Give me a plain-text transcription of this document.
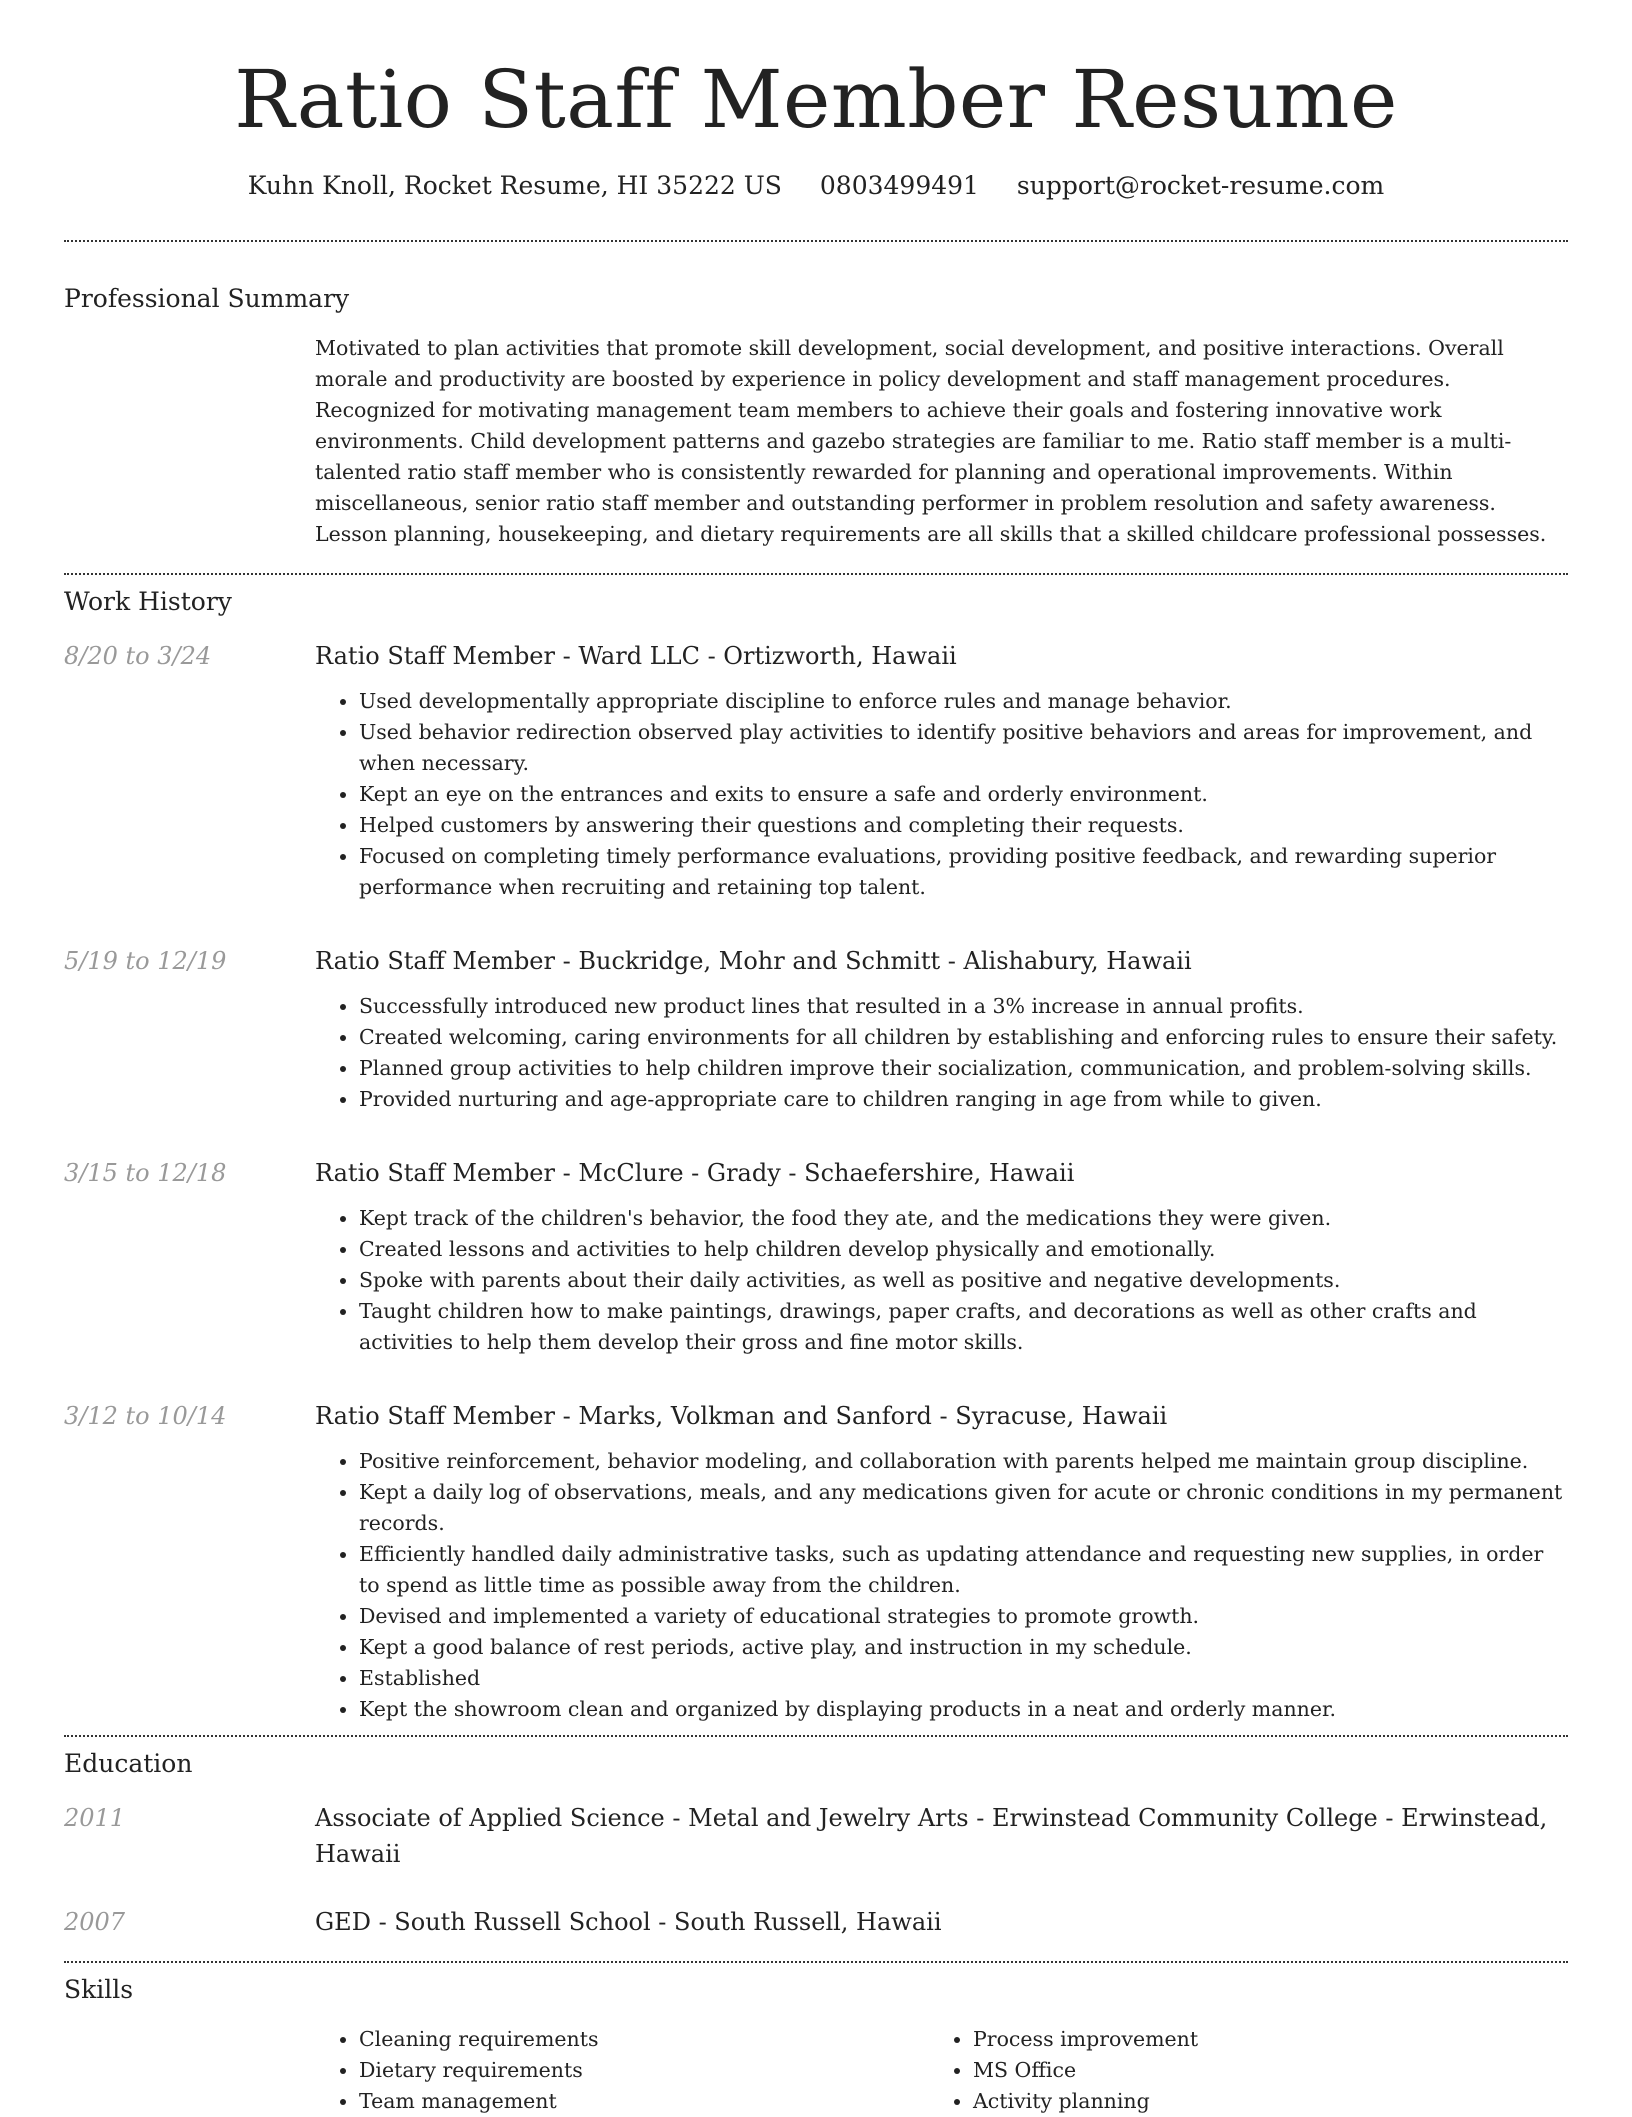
Ratio Staff Member Resume
Kuhn Knoll, Rocket Resume, HI 35222 US 0803499491 support@rocket-resume.com
Professional Summary

Motivated to plan activities that promote skill development, social development, and positive interactions. Overall morale and productivity are boosted by experience in policy development and staff management procedures. Recognized for motivating management team members to achieve their goals and fostering innovative work environments. Child development patterns and gazebo strategies are familiar to me. Ratio staff member is a multi-talented ratio staff member who is consistently rewarded for planning and operational improvements. Within miscellaneous, senior ratio staff member and outstanding performer in problem resolution and safety awareness. Lesson planning, housekeeping, and dietary requirements are all skills that a skilled childcare professional possesses.

Work History
8/20 to 3/24	Ratio Staff Member - Ward LLC - Ortizworth, Hawaii
• Used developmentally appropriate discipline to enforce rules and manage behavior.
• Used behavior redirection observed play activities to identify positive behaviors and areas for improvement, and when necessary.
• Kept an eye on the entrances and exits to ensure a safe and orderly environment.
• Helped customers by answering their questions and completing their requests.
• Focused on completing timely performance evaluations, providing positive feedback, and rewarding superior performance when recruiting and retaining top talent.
5/19 to 12/19	Ratio Staff Member - Buckridge, Mohr and Schmitt - Alishabury, Hawaii
• Successfully introduced new product lines that resulted in a 3% increase in annual profits.
• Created welcoming, caring environments for all children by establishing and enforcing rules to ensure their safety.
• Planned group activities to help children improve their socialization, communication, and problem-solving skills.
• Provided nurturing and age-appropriate care to children ranging in age from while to given.
3/15 to 12/18	Ratio Staff Member - McClure - Grady - Schaefershire, Hawaii
• Kept track of the children's behavior, the food they ate, and the medications they were given.
• Created lessons and activities to help children develop physically and emotionally.
• Spoke with parents about their daily activities, as well as positive and negative developments.
• Taught children how to make paintings, drawings, paper crafts, and decorations as well as other crafts and activities to help them develop their gross and fine motor skills.
3/12 to 10/14	Ratio Staff Member - Marks, Volkman and Sanford - Syracuse, Hawaii
• Positive reinforcement, behavior modeling, and collaboration with parents helped me maintain group discipline.
• Kept a daily log of observations, meals, and any medications given for acute or chronic conditions in my permanent records.
• Efficiently handled daily administrative tasks, such as updating attendance and requesting new supplies, in order to spend as little time as possible away from the children.
• Devised and implemented a variety of educational strategies to promote growth.
• Kept a good balance of rest periods, active play, and instruction in my schedule.
• Established
• Kept the showroom clean and organized by displaying products in a neat and orderly manner.
Education
2011	Associate of Applied Science - Metal and Jewelry Arts - Erwinstead Community College - Erwinstead, Hawaii
2007	GED - South Russell School - South Russell, Hawaii
Skills
• Cleaning requirements
• Dietary requirements
• Team management
• Process improvement
• MS Office
• Activity planning
